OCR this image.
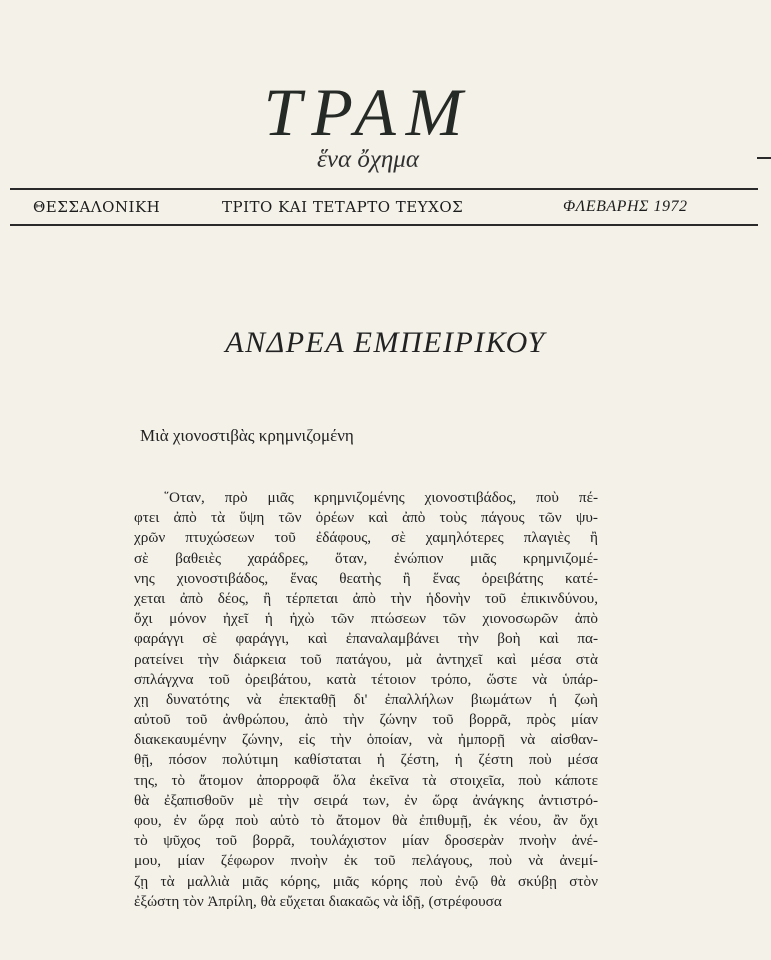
ΤΡΑΜ
ἕνα ὄχημα
ΘΕΣΣΑΛΟΝΙΚΗ	ΤΡΙΤΟ ΚΑΙ ΤΕΤΑΡΤΟ ΤΕΥΧΟΣ	ΦΛΕΒΑΡΗΣ 1972
ΑΝΔΡΕΑ ΕΜΠΕΙΡΙΚΟΥ
Μιὰ χιονοστιβὰς κρημνιζομένη
῞Οταν, πρὸ μιᾶς κρημνιζομένης χιονοστιβάδος, ποὺ πέ-
φτει ἀπὸ τὰ ὕψη τῶν ὀρέων καὶ ἀπὸ τοὺς πάγους τῶν ψυ-
χρῶν πτυχώσεων τοῦ ἐδάφους, σὲ χαμηλότερες πλαγιὲς ἢ
σὲ βαθειὲς χαράδρες, ὅταν, ἐνώπιον μιᾶς κρημνιζομέ-
νης χιονοστιβάδος, ἕνας θεατὴς ἢ ἕνας ὀρειβάτης κατέ-
χεται ἀπὸ δέος, ἢ τέρπεται ἀπὸ τὴν ἡδονὴν τοῦ ἐπικινδύνου,
ὄχι μόνον ἠχεῖ ἡ ἠχὼ τῶν πτώσεων τῶν χιονοσωρῶν ἀπὸ
φαράγγι σὲ φαράγγι, καὶ ἐπαναλαμβάνει τὴν βοὴ καὶ πα-
ρατείνει τὴν διάρκεια τοῦ πατάγου, μὰ ἀντηχεῖ καὶ μέσα στὰ
σπλάγχνα τοῦ ὀρειβάτου, κατὰ τέτοιον τρόπο, ὥστε νὰ ὑπάρ-
χῃ δυνατότης νὰ ἐπεκταθῇ δι' ἐπαλλήλων βιωμάτων ἡ ζωὴ
αὐτοῦ τοῦ ἀνθρώπου, ἀπὸ τὴν ζώνην τοῦ βορρᾶ, πρὸς μίαν
διακεκαυμένην ζώνην, εἰς τὴν ὁποίαν, νὰ ἠμπορῇ νὰ αἰσθαν-
θῇ, πόσον πολύτιμη καθίσταται ἡ ζέστη, ἡ ζέστη ποὺ μέσα
της, τὸ ἄτομον ἀπορροφᾶ ὅλα ἐκεῖνα τὰ στοιχεῖα, ποὺ κάποτε
θὰ ἐξαπισθοῦν μὲ τὴν σειρά των, ἐν ὥρᾳ ἀνάγκης ἀντιστρό-
φου, ἐν ὥρᾳ ποὺ αὐτὸ τὸ ἄτομον θὰ ἐπιθυμῇ, ἐκ νέου, ἂν ὄχι
τὸ ψῦχος τοῦ βορρᾶ, τουλάχιστον μίαν δροσερὰν πνοὴν ἀνέ-
μου, μίαν ζέφωρον πνοὴν ἐκ τοῦ πελάγους, ποὺ νὰ ἀνεμί-
ζῃ τὰ μαλλιὰ μιᾶς κόρης, μιᾶς κόρης ποὺ ἐνῷ θὰ σκύβῃ στὸν
ἐξώστη τὸν Ἀπρίλη, θὰ εὔχεται διακαῶς νὰ ἰδῇ, (στρέφουσα
